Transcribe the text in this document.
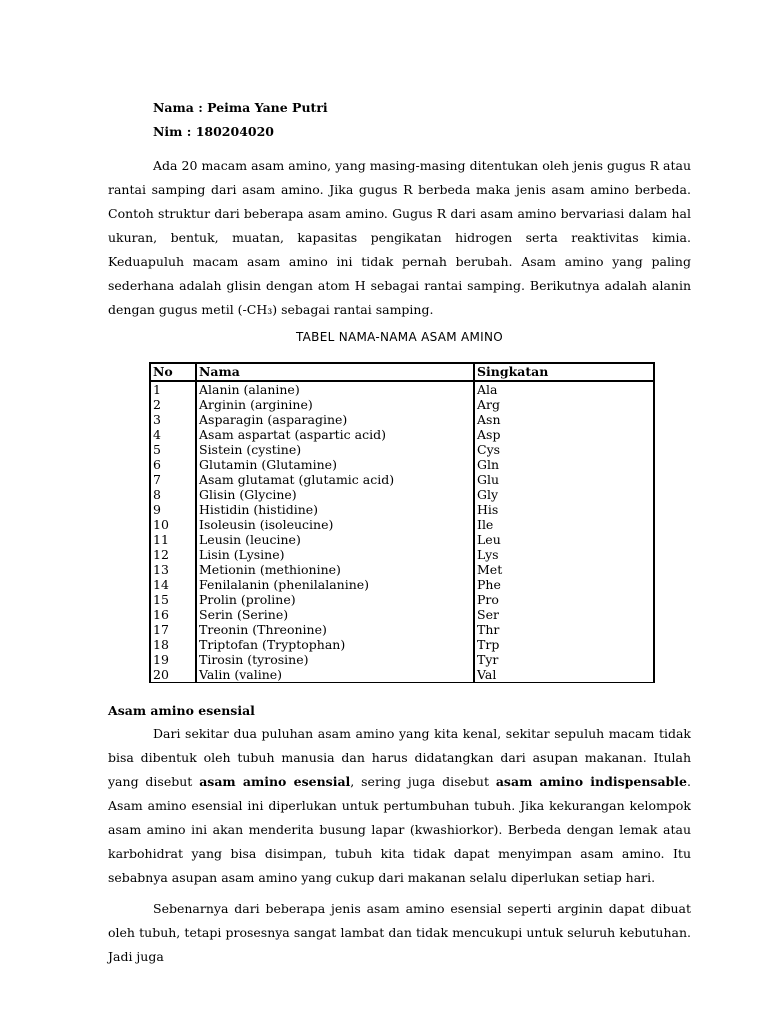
Nama : Peima Yane Putri
Nim : 180204020

Ada 20 macam asam amino, yang masing-masing ditentukan oleh jenis gugus R atau rantai samping dari asam amino. Jika gugus R berbeda maka jenis asam amino berbeda. Contoh struktur dari beberapa asam amino. Gugus R dari asam amino bervariasi dalam hal ukuran, bentuk, muatan, kapasitas pengikatan hidrogen serta reaktivitas kimia. Keduapuluh macam asam amino ini tidak pernah berubah. Asam amino yang paling sederhana adalah glisin dengan atom H sebagai rantai samping. Berikutnya adalah alanin dengan gugus metil (-CH₃) sebagai rantai samping.

TABEL NAMA-NAMA ASAM AMINO
No	Nama	Singkatan
1	Alanin (alanine)	Ala
2	Arginin (arginine)	Arg
3	Asparagin (asparagine)	Asn
4	Asam aspartat (aspartic acid)	Asp
5	Sistein (cystine)	Cys
6	Glutamin (Glutamine)	Gln
7	Asam glutamat (glutamic acid)	Glu
8	Glisin (Glycine)	Gly
9	Histidin (histidine)	His
10	Isoleusin (isoleucine)	Ile
11	Leusin (leucine)	Leu
12	Lisin (Lysine)	Lys
13	Metionin (methionine)	Met
14	Fenilalanin (phenilalanine)	Phe
15	Prolin (proline)	Pro
16	Serin (Serine)	Ser
17	Treonin (Threonine)	Thr
18	Triptofan (Tryptophan)	Trp
19	Tirosin (tyrosine)	Tyr
20	Valin (valine)	Val
Asam amino esensial

Dari sekitar dua puluhan asam amino yang kita kenal, sekitar sepuluh macam tidak bisa dibentuk oleh tubuh manusia dan harus didatangkan dari asupan makanan. Itulah yang disebut asam amino esensial, sering juga disebut asam amino indispensable. Asam amino esensial ini diperlukan untuk pertumbuhan tubuh. Jika kekurangan kelompok asam amino ini akan menderita busung lapar (kwashiorkor). Berbeda dengan lemak atau karbohidrat yang bisa disimpan, tubuh kita tidak dapat menyimpan asam amino. Itu sebabnya asupan asam amino yang cukup dari makanan selalu diperlukan setiap hari.

Sebenarnya dari beberapa jenis asam amino esensial seperti arginin dapat dibuat oleh tubuh, tetapi prosesnya sangat lambat dan tidak mencukupi untuk seluruh kebutuhan. Jadi juga
